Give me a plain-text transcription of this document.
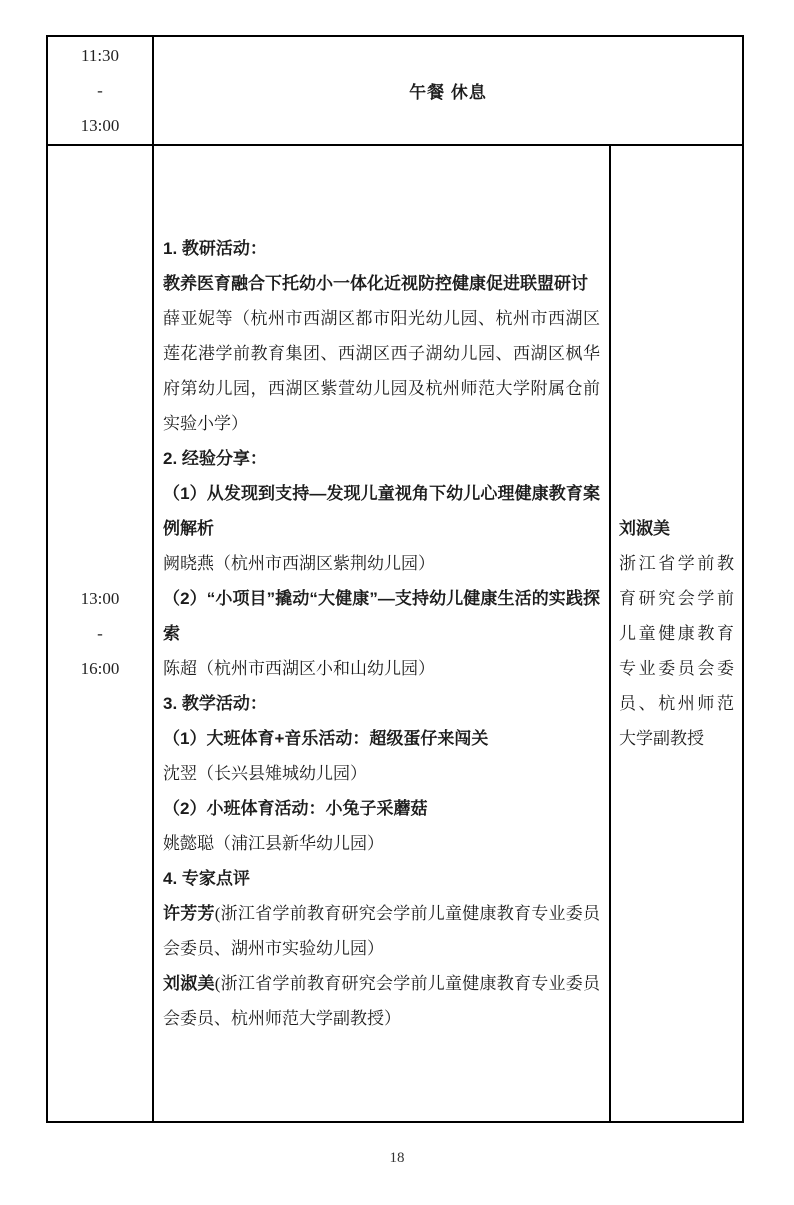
11:30
-
13:00
午餐 休息
13:00
-
16:00

1. 教研活动：

教养医育融合下托幼小一体化近视防控健康促进联盟研讨

薛亚妮等（杭州市西湖区都市阳光幼儿园、杭州市西湖区莲花港学前教育集团、西湖区西子湖幼儿园、西湖区枫华府第幼儿园，西湖区紫萱幼儿园及杭州师范大学附属仓前实验小学）

2. 经验分享：

（1）从发现到支持—发现儿童视角下幼儿心理健康教育案例解析

阙晓燕（杭州市西湖区紫荆幼儿园）

（2）“小项目”撬动“大健康”—支持幼儿健康生活的实践探索

陈超（杭州市西湖区小和山幼儿园）

3. 教学活动：

（1）大班体育+音乐活动：超级蛋仔来闯关

沈翌（长兴县雉城幼儿园）

（2）小班体育活动：小兔子采蘑菇

姚懿聪（浦江县新华幼儿园）

4. 专家点评

许芳芳(浙江省学前教育研究会学前儿童健康教育专业委员会委员、湖州市实验幼儿园）

刘淑美(浙江省学前教育研究会学前儿童健康教育专业委员会委员、杭州师范大学副教授）

刘淑美
浙江省学前教育研究会学前儿童健康教育专业委员会委员、杭州师范大学副教授
18
